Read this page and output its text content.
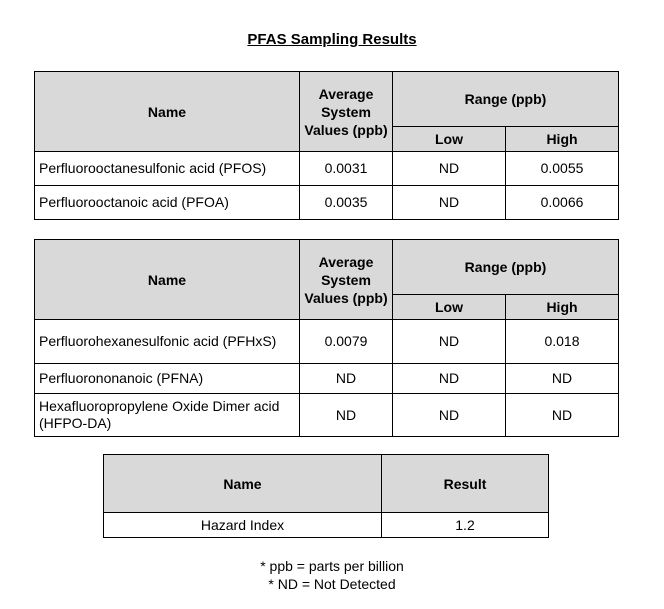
PFAS Sampling Results
Name	Average System Values (ppb)	Range (ppb)	
		Low	High
Perfluorooctanesulfonic acid (PFOS)	0.0031	ND	0.0055
Perfluorooctanoic acid (PFOA)	0.0035	ND	0.0066
Name	Average System Values (ppb)	Range (ppb)	
		Low	High
Perfluorohexanesulfonic acid (PFHxS)	0.0079	ND	0.018
Perfluorononanoic (PFNA)	ND	ND	ND
Hexafluoropropylene Oxide Dimer acid (HFPO-DA)	ND	ND	ND
Name	Result
Hazard Index	1.2
* ppb = parts per billion
* ND = Not Detected
